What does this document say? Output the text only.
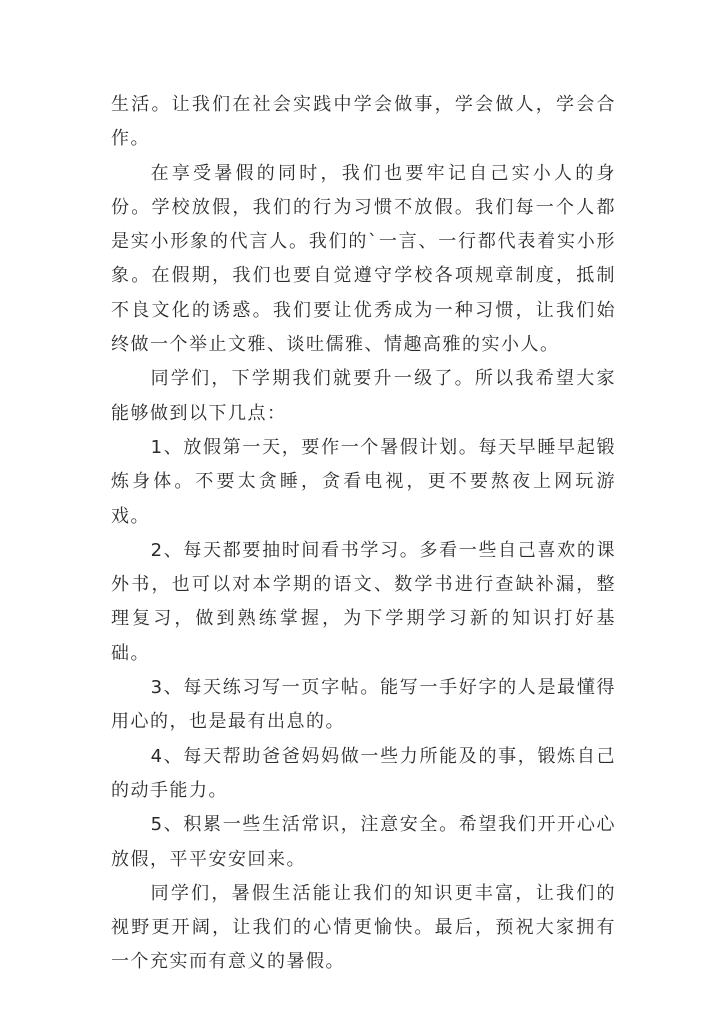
生活。让我们在社会实践中学会做事，学会做人，学会合作。

在享受暑假的同时，我们也要牢记自己实小人的身份。学校放假，我们的行为习惯不放假。我们每一个人都是实小形象的代言人。我们的`一言、一行都代表着实小形象。在假期，我们也要自觉遵守学校各项规章制度，抵制不良文化的诱惑。我们要让优秀成为一种习惯，让我们始终做一个举止文雅、谈吐儒雅、情趣高雅的实小人。

同学们，下学期我们就要升一级了。所以我希望大家能够做到以下几点：

1、放假第一天，要作一个暑假计划。每天早睡早起锻炼身体。不要太贪睡，贪看电视，更不要熬夜上网玩游戏。

2、每天都要抽时间看书学习。多看一些自己喜欢的课外书，也可以对本学期的语文、数学书进行查缺补漏，整理复习，做到熟练掌握，为下学期学习新的知识打好基础。

3、每天练习写一页字帖。能写一手好字的人是最懂得用心的，也是最有出息的。

4、每天帮助爸爸妈妈做一些力所能及的事，锻炼自己的动手能力。

5、积累一些生活常识，注意安全。希望我们开开心心放假，平平安安回来。

同学们，暑假生活能让我们的知识更丰富，让我们的视野更开阔，让我们的心情更愉快。最后，预祝大家拥有一个充实而有意义的暑假。
